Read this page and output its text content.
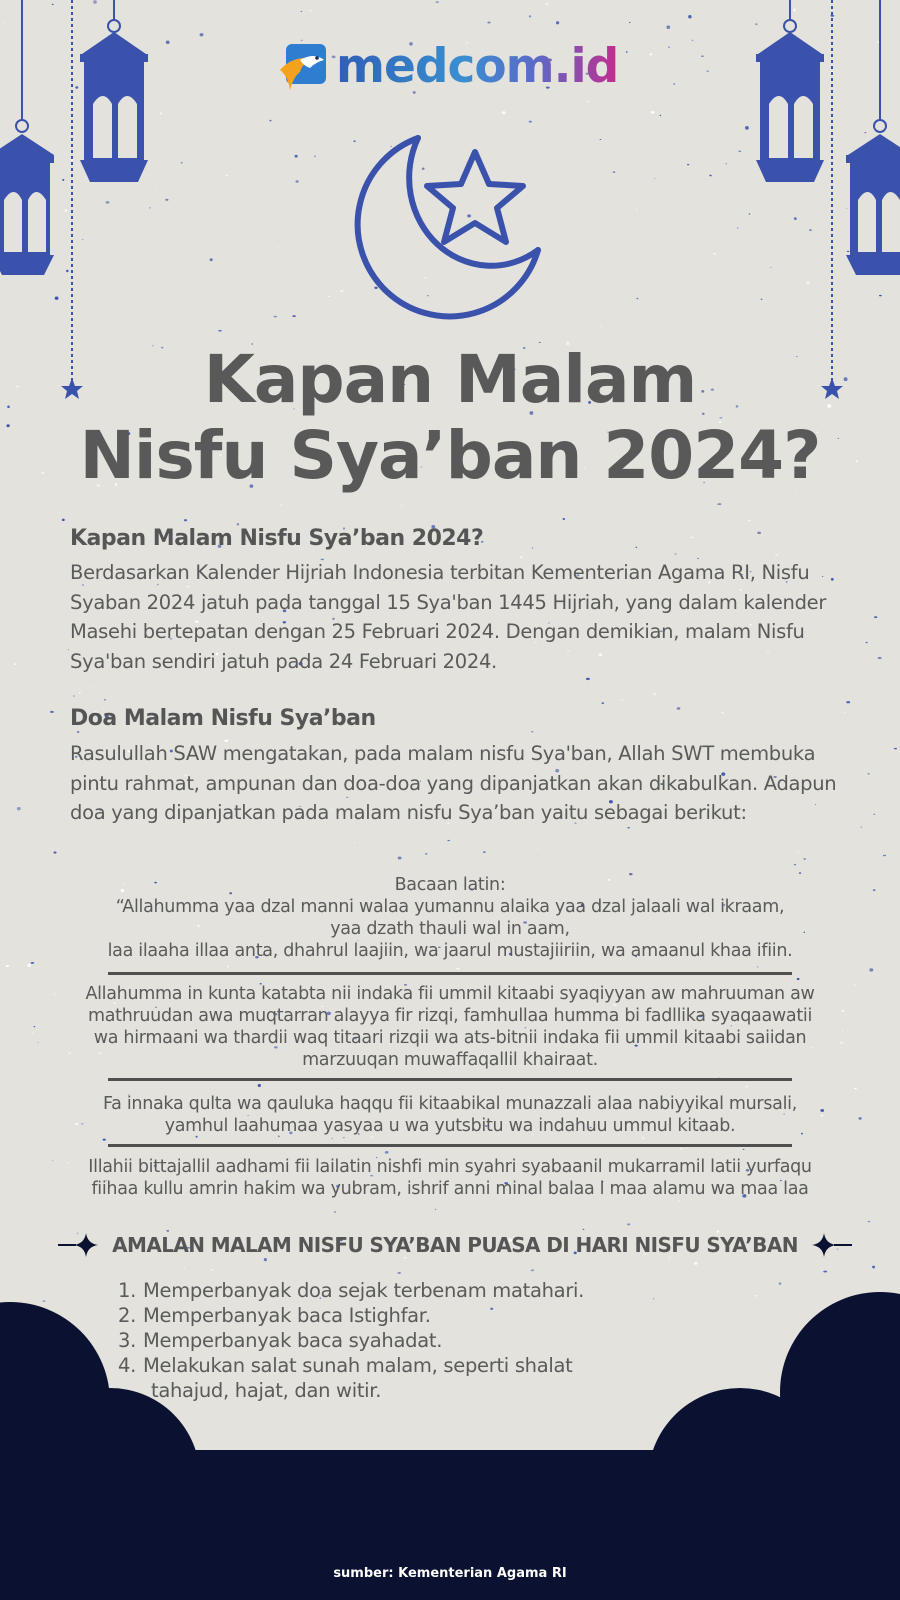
medcom.id
Kapan Malam
Nisfu Sya’ban 2024?
Kapan Malam Nisfu Sya’ban 2024?

Berdasarkan Kalender Hijriah Indonesia terbitan Kementerian Agama RI, Nisfu Syaban 2024 jatuh pada tanggal 15 Sya'ban 1445 Hijriah, yang dalam kalender Masehi bertepatan dengan 25 Februari 2024. Dengan demikian, malam Nisfu Sya'ban sendiri jatuh pada 24 Februari 2024.

Doa Malam Nisfu Sya’ban

Rasulullah SAW mengatakan, pada malam nisfu Sya'ban, Allah SWT membuka pintu rahmat, ampunan dan doa-doa yang dipanjatkan akan dikabulkan. Adapun doa yang dipanjatkan pada malam nisfu Sya’ban yaitu sebagai berikut:

Bacaan latin:

“Allahumma yaa dzal manni walaa yumannu alaika yaa dzal jalaali wal ikraam,

yaa dzath thauli wal in aam,

laa ilaaha illaa anta, dhahrul laajiin, wa jaarul mustajiiriin, wa amaanul khaa ifiin.

Allahumma in kunta katabta nii indaka fii ummil kitaabi syaqiyyan aw mahruuman aw

mathruudan awa muqtarran alayya fir rizqi, famhullaa humma bi fadllika syaqaawatii

wa hirmaani wa thardii waq titaari rizqii wa ats-bitnii indaka fii ummil kitaabi saiidan

marzuuqan muwaffaqallil khairaat.

Fa innaka qulta wa qauluka haqqu fii kitaabikal munazzali alaa nabiyyikal mursali,

yamhul laahumaa yasyaa u wa yutsbitu wa indahuu ummul kitaab.

Illahii bittajallil aadhami fii lailatin nishfi min syahri syabaanil mukarramil latii yurfaqu

fiihaa kullu amrin hakim wa yubram, ishrif anni minal balaa l maa alamu wa maa laa

AMALAN MALAM NISFU SYA’BAN PUASA DI HARI NISFU SYA’BAN
1. Memperbanyak doa sejak terbenam matahari.
2. Memperbanyak baca Istighfar.
3. Memperbanyak baca syahadat.
4. Melakukan salat sunah malam, seperti shalat
tahajud, hajat, dan witir.
sumber: Kementerian Agama RI
